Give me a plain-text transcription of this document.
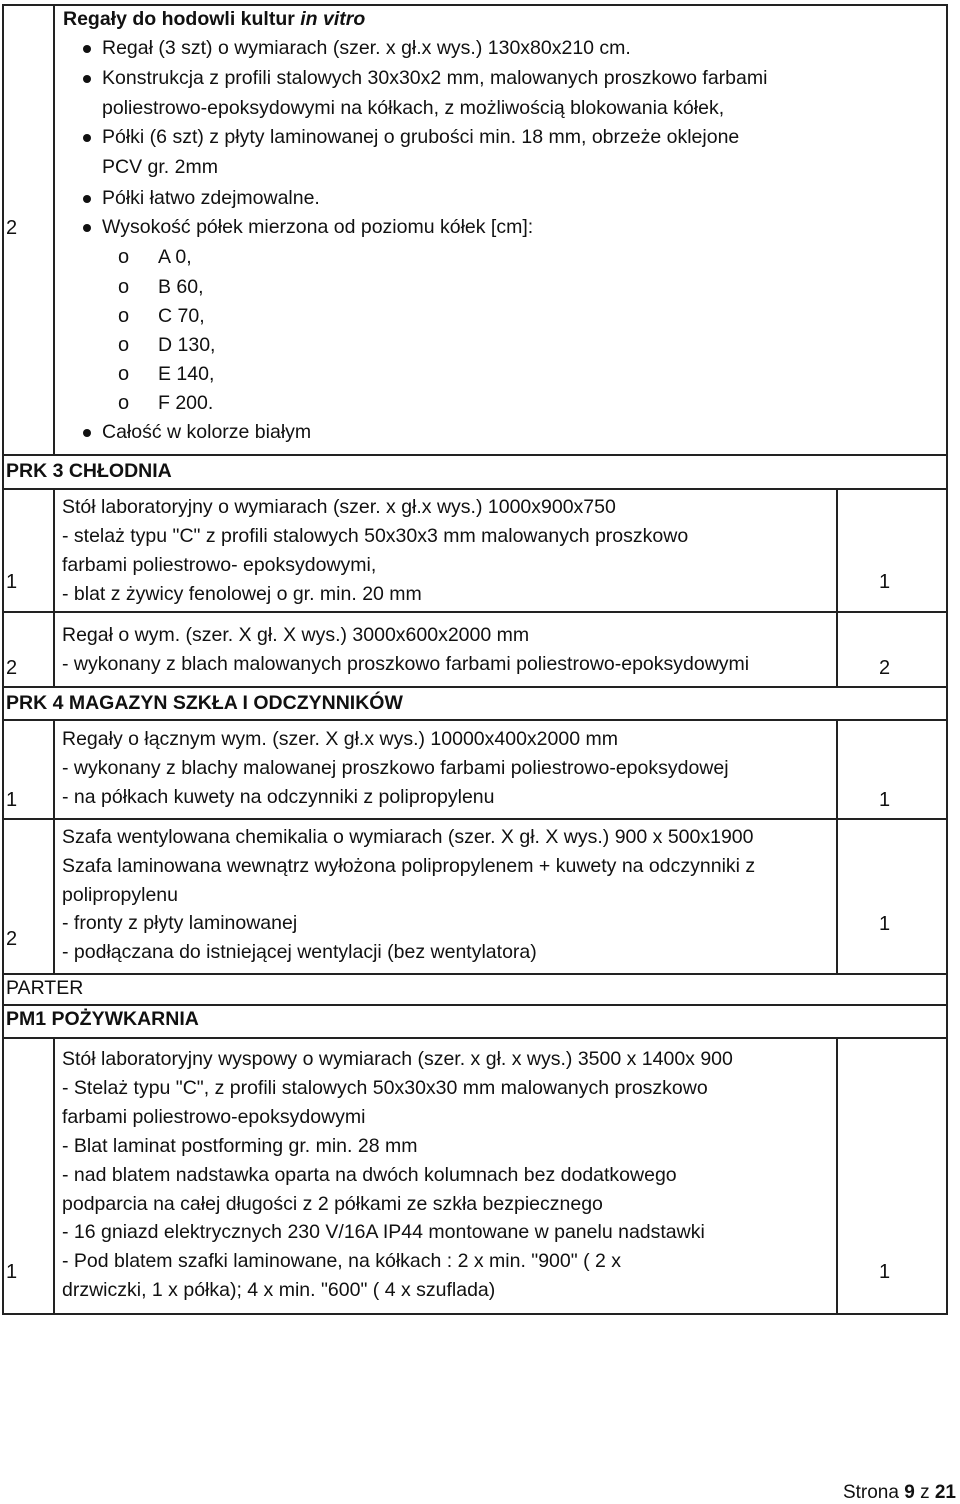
2
Regały do hodowli kultur in vitro
Regał (3 szt) o wymiarach (szer. x gł.x wys.) 130x80x210 cm.
Konstrukcja z profili stalowych 30x30x2 mm, malowanych proszkowo farbami
poliestrowo-epoksydowymi na kółkach, z możliwością blokowania kółek,
Półki (6 szt) z płyty laminowanej o grubości min. 18 mm, obrzeże oklejone
PCV gr. 2mm
Półki łatwo zdejmowalne.
Wysokość półek mierzona od poziomu kółek [cm]:
o A 0,
o B 60,
o C 70,
o D 130,
o E 140,
o F 200.
Całość w kolorze białym
PRK 3 CHŁODNIA
1
Stół laboratoryjny o wymiarach (szer. x gł.x wys.) 1000x900x750
- stelaż typu "C" z profili stalowych 50x30x3 mm malowanych proszkowo
farbami poliestrowo- epoksydowymi,
- blat z żywicy fenolowej o gr. min. 20 mm
1
2
Regał o wym. (szer. X gł. X wys.) 3000x600x2000 mm
- wykonany z blach malowanych proszkowo farbami poliestrowo-epoksydowymi	2
PRK 4 MAGAZYN SZKŁA I ODCZYNNIKÓW
1
Regały o łącznym wym. (szer. X gł.x wys.) 10000x400x2000 mm
- wykonany z blachy malowanej proszkowo farbami poliestrowo-epoksydowej
- na półkach kuwety na odczynniki z polipropylenu	1
2
Szafa wentylowana chemikalia o wymiarach (szer. X gł. X wys.) 900 x 500x1900
Szafa laminowana wewnątrz wyłożona polipropylenem + kuwety na odczynniki z
polipropylenu
- fronty z płyty laminowanej
- podłączana do istniejącej wentylacji (bez wentylatora)
1
PARTER
PM1 POŻYWKARNIA
1
Stół laboratoryjny wyspowy o wymiarach (szer. x gł. x wys.) 3500 x 1400x 900
- Stelaż typu "C", z profili stalowych 50x30x30 mm malowanych proszkowo
farbami poliestrowo-epoksydowymi
- Blat laminat postforming gr. min. 28 mm
- nad blatem nadstawka oparta na dwóch kolumnach bez dodatkowego
podparcia na całej długości z 2 półkami ze szkła bezpiecznego
- 16 gniazd elektrycznych 230 V/16A IP44 montowane w panelu nadstawki
- Pod blatem szafki laminowane, na kółkach : 2 x min. "900" ( 2 x
drzwiczki, 1 x półka); 4 x min. "600" ( 4 x szuflada)
1
Strona 9 z 21
